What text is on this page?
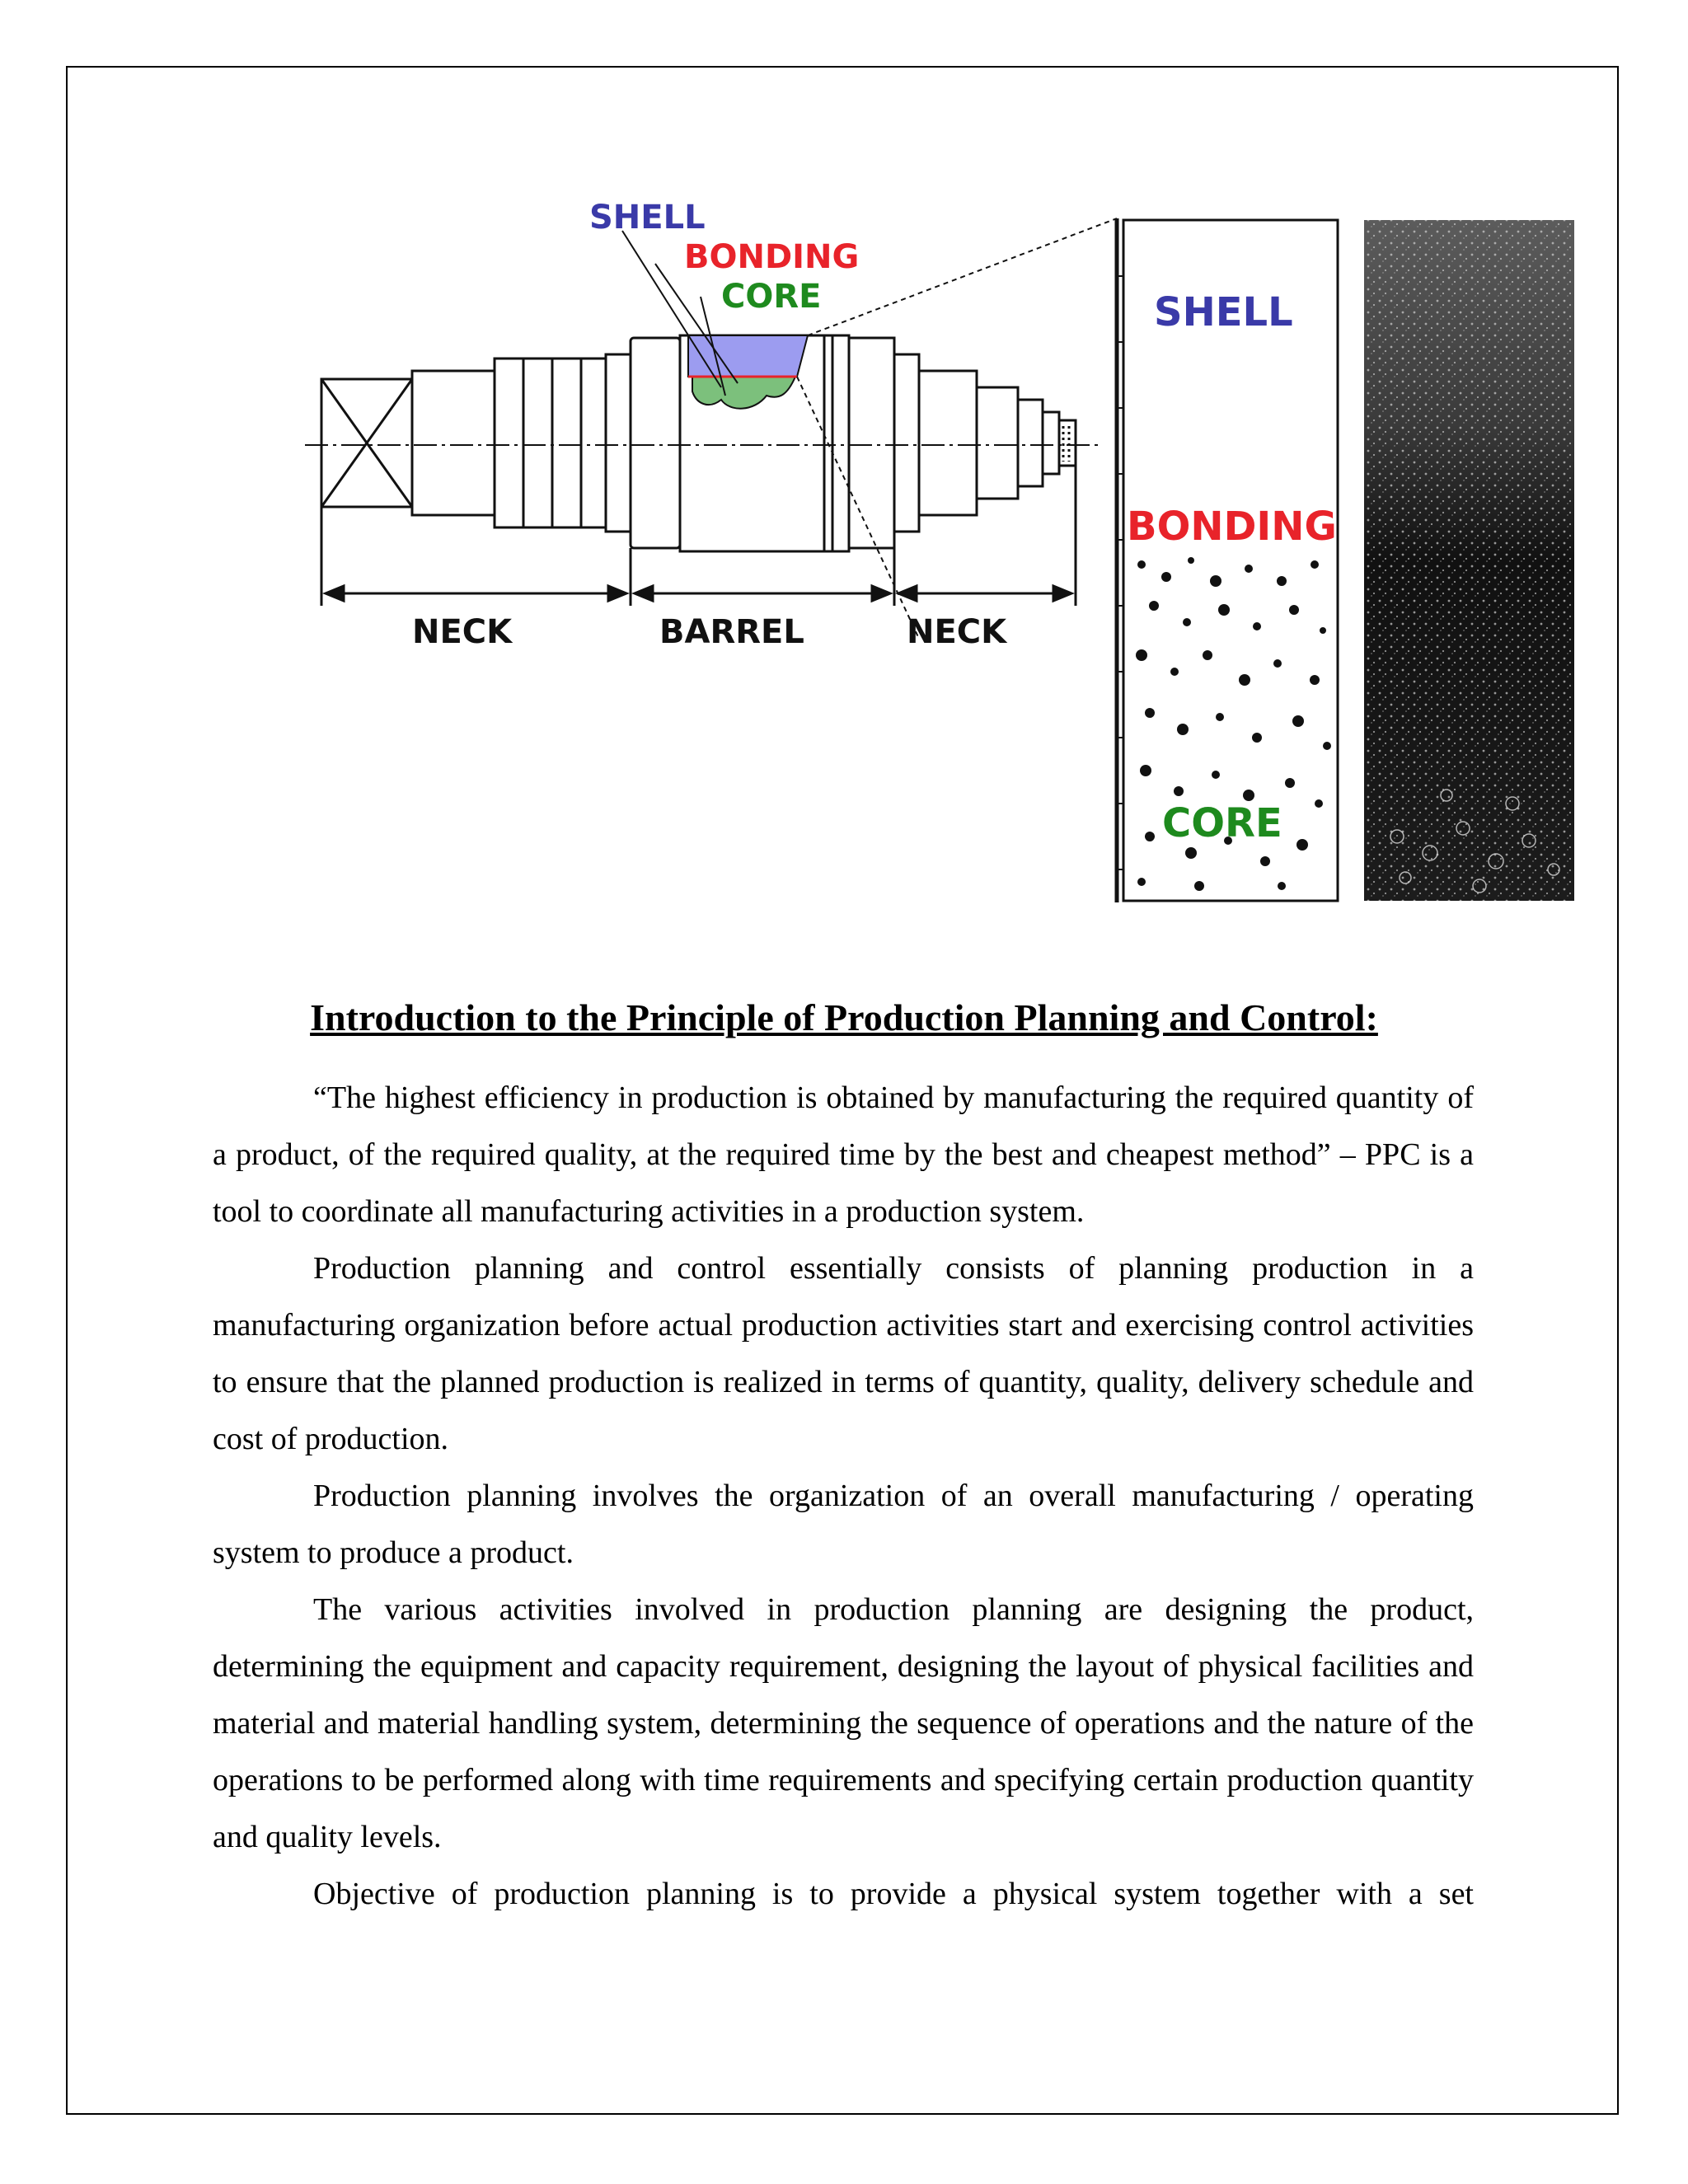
SHELL
BONDING
CORE
NECK	BARREL	NECK
SHELL
BONDING
CORE
Introduction to the Principle of Production Planning and Control:

“The highest efficiency in production is obtained by manufacturing the required quantity of a product, of the required quality, at the required time by the best and cheapest method” – PPC is a tool to coordinate all manufacturing activities in a production system.

Production planning and control essentially consists of planning production in a manufacturing organization before actual production activities start and exercising control activities to ensure that the planned production is realized in terms of quantity, quality, delivery schedule and cost of production.

Production planning involves the organization of an overall manufacturing / operating system to produce a product.

The various activities involved in production planning are designing the product, determining the equipment and capacity requirement, designing the layout of physical facilities and material and material handling system, determining the sequence of operations and the nature of the operations to be performed along with time requirements and specifying certain production quantity and quality levels.

Objective of production planning is to provide a physical system together with a set
